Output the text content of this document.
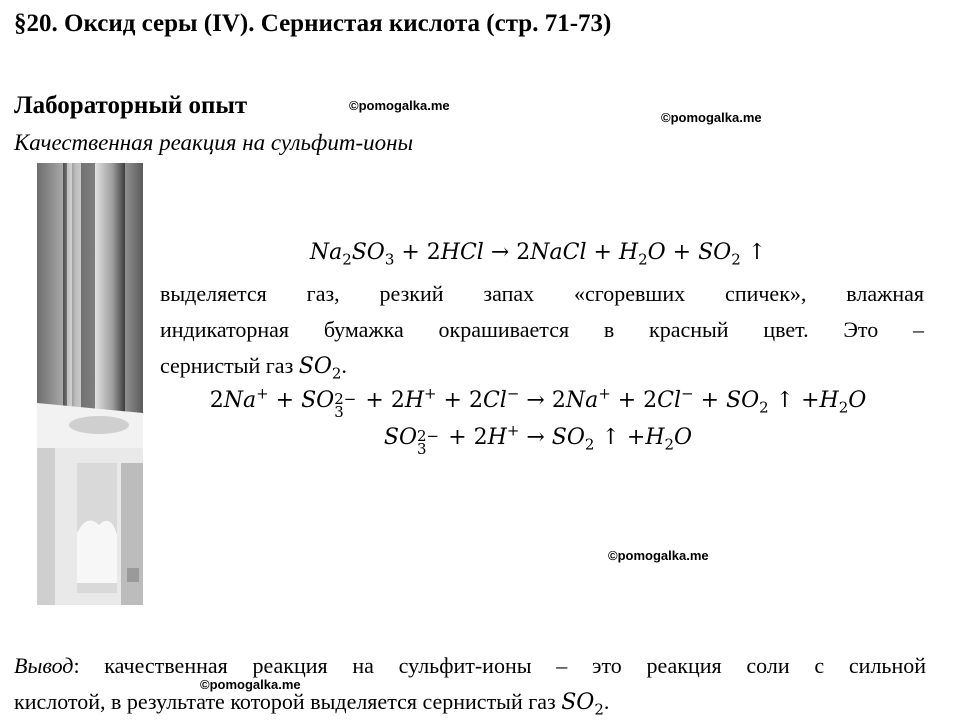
§20. Оксид серы (IV). Сернистая кислота (стр. 71-73)
Лабораторный опыт
Качественная реакция на сульфит-ионы
©pomogalka.me
©pomogalka.me
©pomogalka.me
©pomogalka.me
$Na_2SO_3 + 2HCl$ → 2NaCl + $H_2O + SO_2$ ↑
выделяется газ, резкий запах «сгоревших спичек», влажная
индикаторная бумажка окрашивается в красный цвет. Это –
сернистый газ $SO_2$.
2Na+ + SO 2−
$3 + 2H^+ + 2Cl^- \to 2Na^+ + 2Cl^- + SO_2$ ↑ $+H_2O$
SO 2−
$3 + 2H^+ \to SO_2$ ↑ $+H_2O$
Вывод: качественная реакция на сульфит-ионы – это реакция соли с сильной
кислотой, в результате которой выделяется сернистый газ $SO_2$.
